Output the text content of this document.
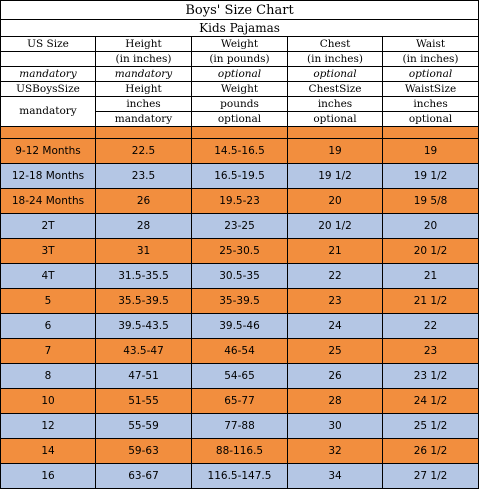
Boys' Size Chart				
Kids Pajamas				
US Size	Height	Weight	Chest	Waist
	(in inches)	(in pounds)	(in inches)	(in inches)
mandatory	mandatory	optional	optional	optional
USBoysSize	Height	Weight	ChestSize	WaistSize
mandatory	inches	pounds	inches	inches
	mandatory	optional	optional	optional

9-12 Months	22.5	14.5-16.5	19	19
12-18 Months	23.5	16.5-19.5	19 1/2	19 1/2
18-24 Months	26	19.5-23	20	19 5/8
2T	28	23-25	20 1/2	20
3T	31	25-30.5	21	20 1/2
4T	31.5-35.5	30.5-35	22	21
5	35.5-39.5	35-39.5	23	21 1/2
6	39.5-43.5	39.5-46	24	22
7	43.5-47	46-54	25	23
8	47-51	54-65	26	23 1/2
10	51-55	65-77	28	24 1/2
12	55-59	77-88	30	25 1/2
14	59-63	88-116.5	32	26 1/2
16	63-67	116.5-147.5	34	27 1/2
